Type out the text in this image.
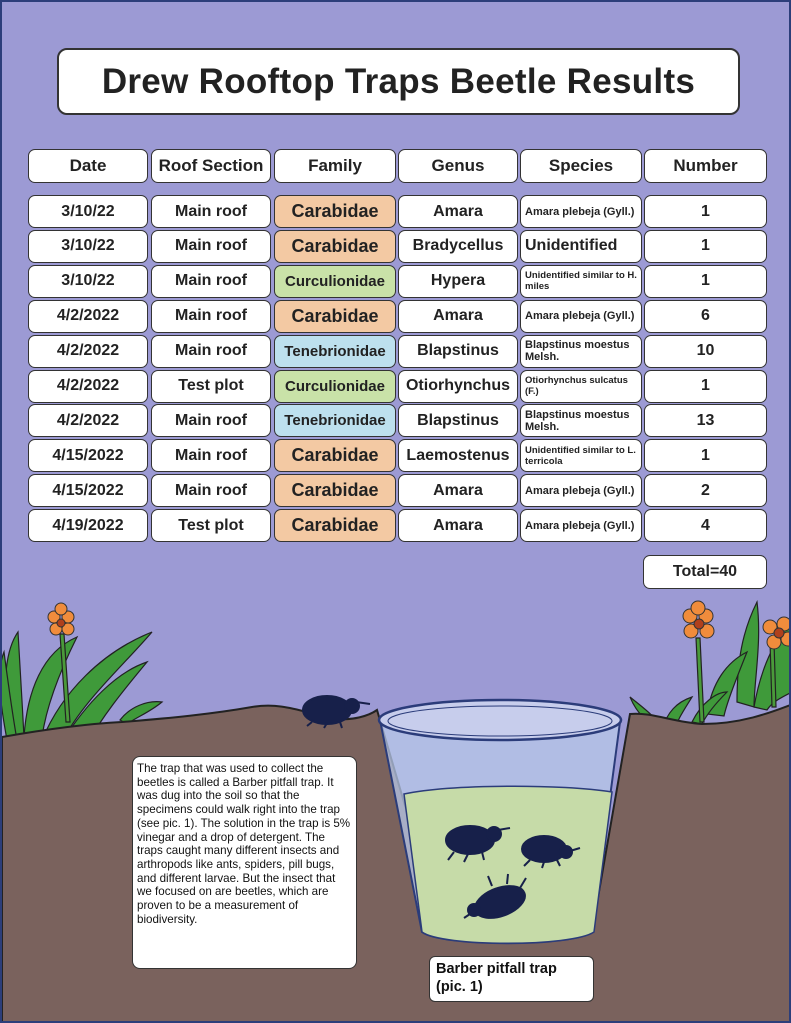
Drew Rooftop Traps Beetle Results
Date	Roof Section	Family	Genus	Species	Number
3/10/22	Main roof	Carabidae	Amara	Amara plebeja (Gyll.)	1
3/10/22	Main roof	Carabidae	Bradycellus	Unidentified	1
3/10/22	Main roof	Curculionidae	Hypera	Unidentified similar to H. miles	1
4/2/2022	Main roof	Carabidae	Amara	Amara plebeja (Gyll.)	6
4/2/2022	Main roof	Tenebrionidae	Blapstinus	Blapstinus moestus Melsh.	10
4/2/2022	Test plot	Curculionidae	Otiorhynchus	Otiorhynchus sulcatus (F.)	1
4/2/2022	Main roof	Tenebrionidae	Blapstinus	Blapstinus moestus Melsh.	13
4/15/2022	Main roof	Carabidae	Laemostenus	Unidentified similar to L. terricola	1
4/15/2022	Main roof	Carabidae	Amara	Amara plebeja (Gyll.)	2
4/19/2022	Test plot	Carabidae	Amara	Amara plebeja (Gyll.)	4
Total=40
The trap that was used to collect the beetles is called a Barber pitfall trap. It was dug into the soil so that the specimens could walk right into the trap (see pic. 1). The solution in the trap is 5% vinegar and a drop of detergent. The traps caught many different insects and arthropods like ants, spiders, pill bugs, and different larvae. But the insect that we focused on are beetles, which are proven to be a measurement of biodiversity.
Barber pitfall trap (pic. 1)
